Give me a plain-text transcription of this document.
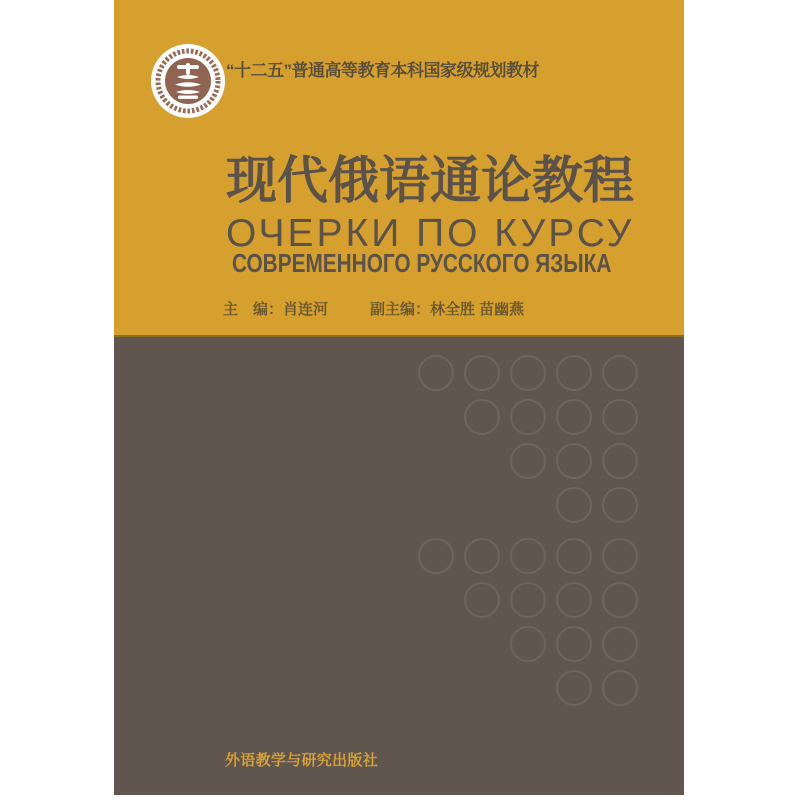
“十二五”普通高等教育本科国家级规划教材
现代俄语通论教程
ОЧЕРКИ ПО КУРСУ
СОВРЕМЕННОГО РУССКОГО ЯЗЫКА
主　编：肖连河	副主编：林全胜 苗幽燕
外语教学与研究出版社
